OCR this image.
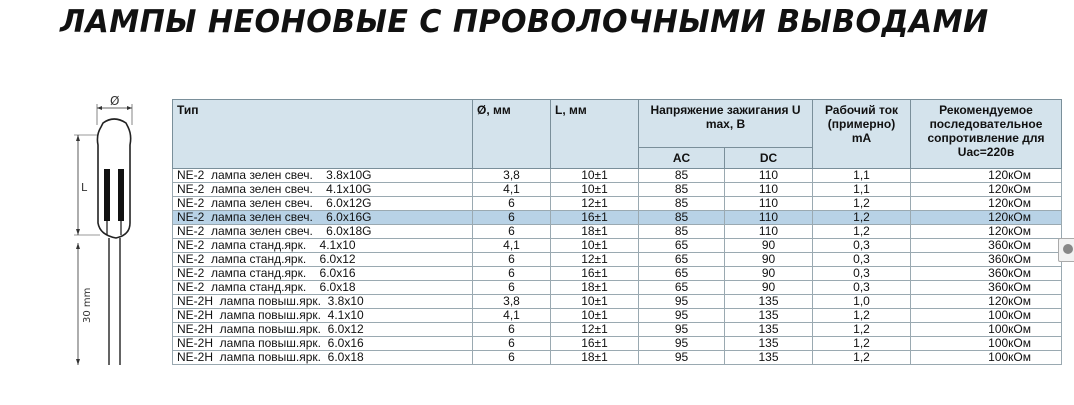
ЛАМПЫ НЕОНОВЫЕ С ПРОВОЛОЧНЫМИ ВЫВОДАМИ
Ø
L
30 mm
Тип	Ø, мм	L, мм	Напряжение зажигания U max, В		Рабочий ток (примерно) mA	Рекомендуемое последовательное сопротивление для Uac=220в
			AC	DC		
NE-2  лампа зелен свеч.    3.8x10G	3,8	10±1	85	110	1,1	120кОм
NE-2  лампа зелен свеч.    4.1x10G	4,1	10±1	85	110	1,1	120кОм
NE-2  лампа зелен свеч.    6.0x12G	6	12±1	85	110	1,2	120кОм
NE-2  лампа зелен свеч.    6.0x16G	6	16±1	85	110	1,2	120кОм
NE-2  лампа зелен свеч.    6.0x18G	6	18±1	85	110	1,2	120кОм
NE-2  лампа станд.ярк.    4.1x10	4,1	10±1	65	90	0,3	360кОм
NE-2  лампа станд.ярк.    6.0x12	6	12±1	65	90	0,3	360кОм
NE-2  лампа станд.ярк.    6.0x16	6	16±1	65	90	0,3	360кОм
NE-2  лампа станд.ярк.    6.0x18	6	18±1	65	90	0,3	360кОм
NE-2H  лампа повыш.ярк.  3.8x10	3,8	10±1	95	135	1,0	120кОм
NE-2H  лампа повыш.ярк.  4.1x10	4,1	10±1	95	135	1,2	100кОм
NE-2H  лампа повыш.ярк.  6.0x12	6	12±1	95	135	1,2	100кОм
NE-2H  лампа повыш.ярк.  6.0x16	6	16±1	95	135	1,2	100кОм
NE-2H  лампа повыш.ярк.  6.0x18	6	18±1	95	135	1,2	100кОм
